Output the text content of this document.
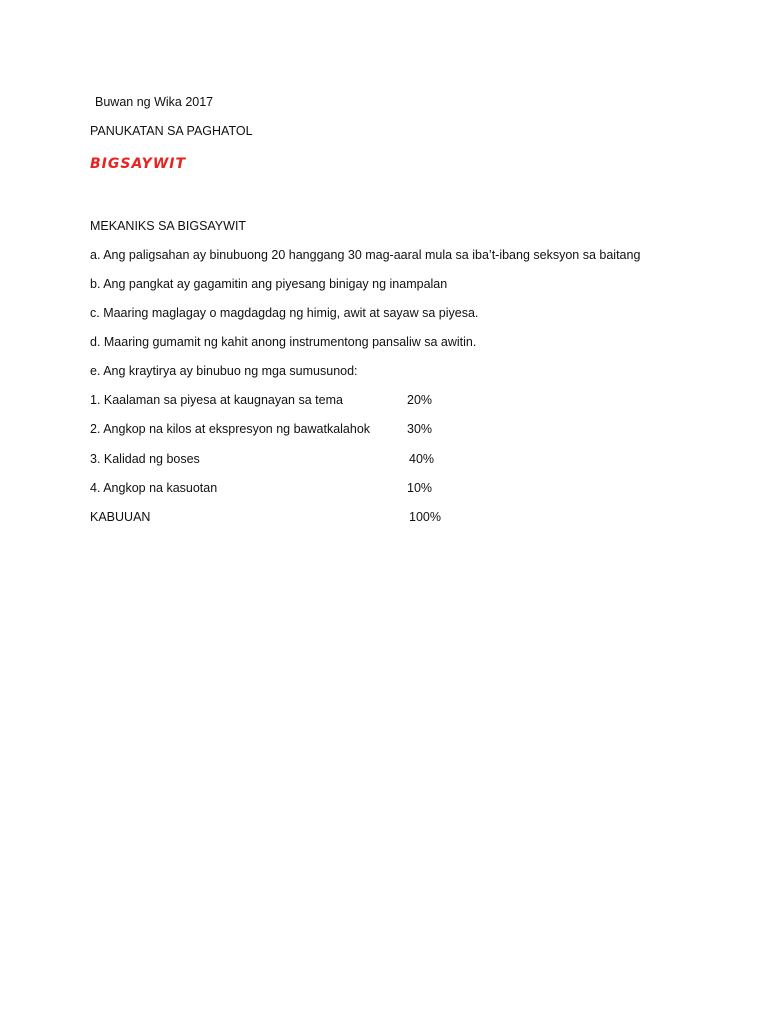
Buwan ng Wika 2017
PANUKATAN SA PAGHATOL
BIGSAYWIT
MEKANIKS SA BIGSAYWIT
a. Ang paligsahan ay binubuong 20 hanggang 30 mag-aaral mula sa iba’t-ibang seksyon sa baitang
b. Ang pangkat ay gagamitin ang piyesang binigay ng inampalan
c. Maaring maglagay o magdagdag ng himig, awit at sayaw sa piyesa.
d. Maaring gumamit ng kahit anong instrumentong pansaliw sa awitin.
e. Ang kraytirya ay binubuo ng mga sumusunod:
1. Kaalaman sa piyesa at kaugnayan sa tema	20%
2. Angkop na kilos at ekspresyon ng bawatkalahok	30%
3. Kalidad ng boses	40%
4. Angkop na kasuotan	10%
KABUUAN	100%
